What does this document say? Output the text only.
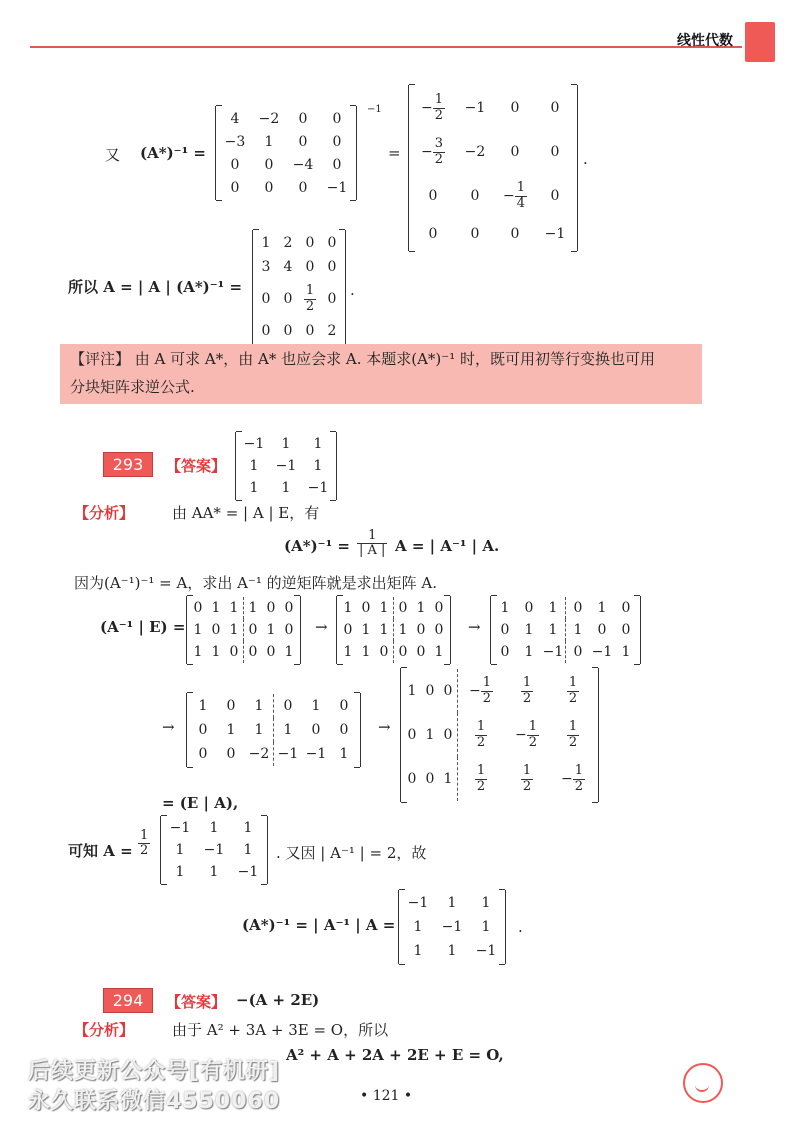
线性代数
又 (A*)⁻¹ =
4	−2	0	0
−3	1	0	0
0	0	−4	0
0	0	0	−1
−1
=
− $\frac{1}{2}$	−1	0	0
− $\frac{3}{2}$	−2	0	0
0	0	− $\frac{1}{4}$	0
0	0	0	−1
.
所以 A = | A | (A*)⁻¹ =
1	2	0	0
3	4	0	0
0	0	$\frac{1}{2}$	0
0	0	0	2
.
【评注】 由 A 可求 A*，由 A* 也应会求 A. 本题求(A*)⁻¹ 时，既可用初等行变换也可用
分块矩阵求逆公式.
293	【答案】
−1	1	1
1	−1	1
1	1	−1
【分析】	由 AA* = | A | E，有
$(A*)^{-1} = \frac{1}{| A |}$ A = | A⁻¹ | A.
因为(A⁻¹)⁻¹ = A，求出 A⁻¹ 的逆矩阵就是求出矩阵 A.
(A⁻¹ | E) =
0	1	1	1	0	0
1	0	1	0	1	0
1	1	0	0	0	1
→
1	0	1	0	1	0
0	1	1	1	0	0
1	1	0	0	0	1
→
1	0	1	0	1	0
0	1	1	1	0	0
0	1	−1	0	−1	1
→
1	0	1	0	1	0
0	1	1	1	0	0
0	0	−2	−1	−1	1
→
1	0	0	− $\frac{1}{2}$	$\frac{1}{2}$	$\frac{1}{2}$

0	1	0	$\frac{1}{2}$	− $\frac{1}{2}$	$\frac{1}{2}$

0	0	1	$\frac{1}{2}$	$\frac{1}{2}$	− $\frac{1}{2}$
= (E | A),
可知 $A = \frac{1}{2}$
−1	1	1
1	−1	1
1	1	−1
. 又因 | A⁻¹ | = 2，故
(A*)⁻¹ = | A⁻¹ | A =
−1	1	1
1	−1	1
1	1	−1
.
294	【答案】 −(A + 2E)
【分析】	由于 A² + 3A + 3E = O，所以
A² + A + 2A + 2E + E = O,
• 121 •
后续更新公众号[有机研]
永久联系微信4550060
